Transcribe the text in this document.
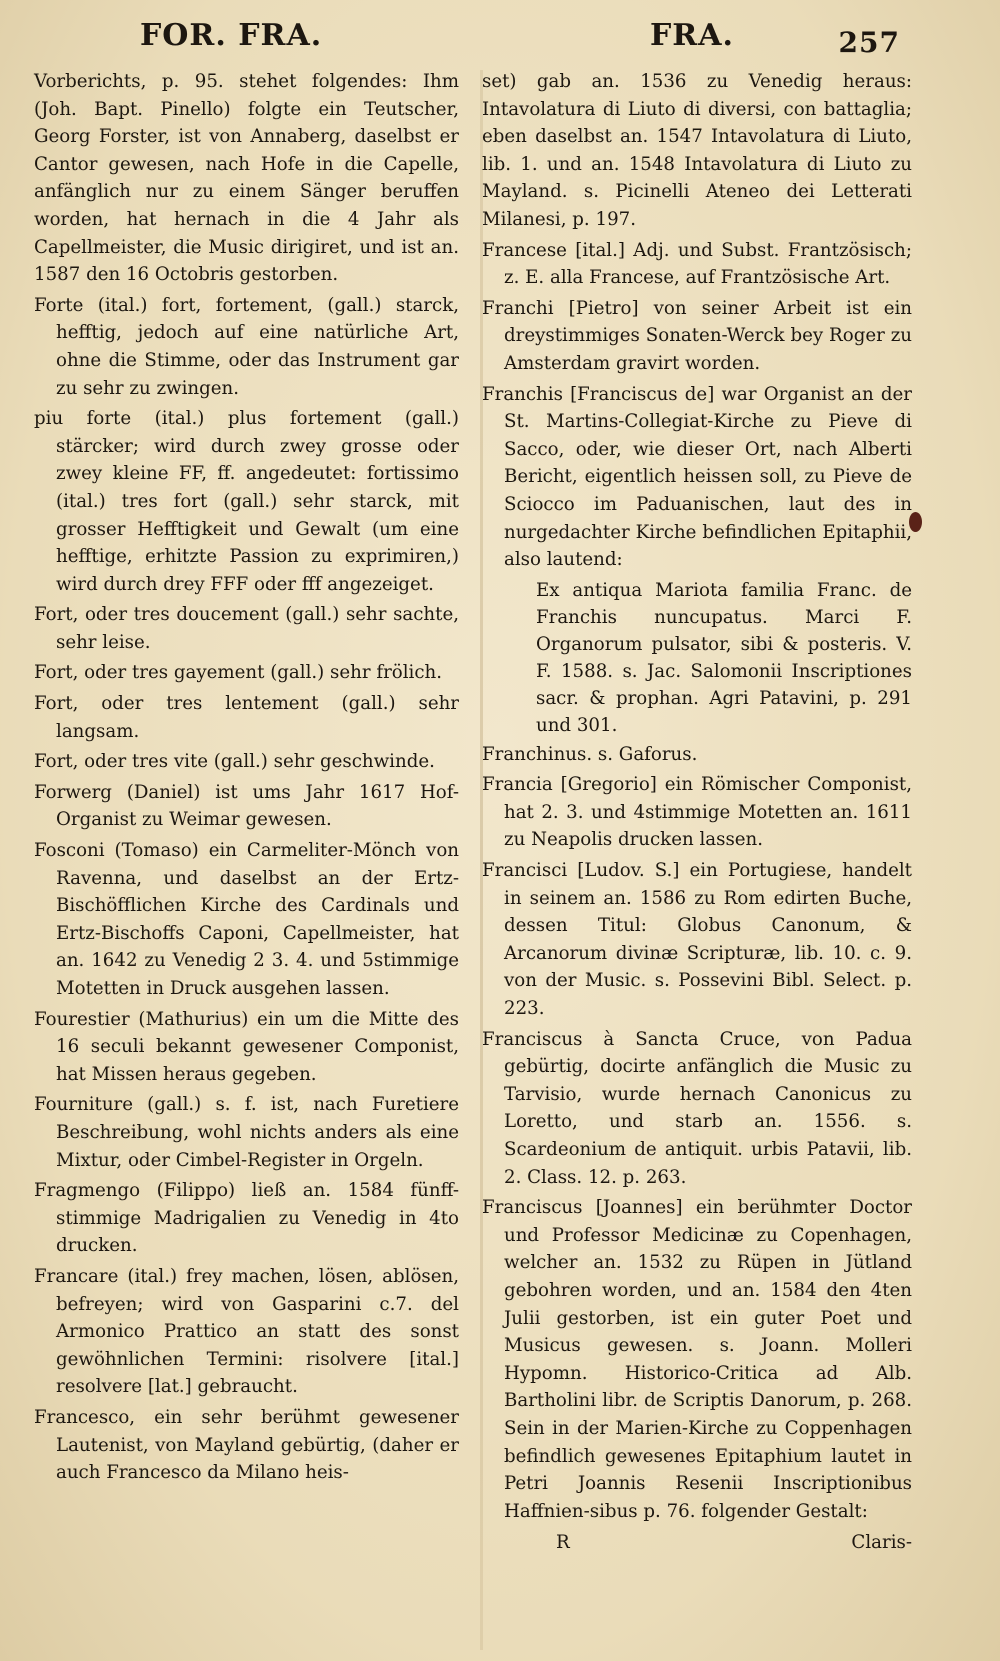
FOR. FRA.	FRA.	257

Vorberichts, p. 95. stehet folgendes: Ihm (Joh. Bapt. Pinello) folgte ein Teutscher, Georg Forster, ist von Annaberg, daselbst er Cantor gewesen, nach Hofe in die Capelle, anfänglich nur zu einem Sänger beruffen worden, hat hernach in die 4 Jahr als Capellmeister, die Music dirigiret, und ist an. 1587 den 16 Octobris gestorben.

Forte (ital.) fort, fortement, (gall.) starck, hefftig, jedoch auf eine natürliche Art, ohne die Stimme, oder das Instrument gar zu sehr zu zwingen.

piu forte (ital.) plus fortement (gall.) stärcker; wird durch zwey grosse oder zwey kleine FF, ff. angedeutet: fortissimo (ital.) tres fort (gall.) sehr starck, mit grosser Hefftigkeit und Gewalt (um eine hefftige, erhitzte Passion zu exprimiren,) wird durch drey FFF oder fff angezeiget.

Fort, oder tres doucement (gall.) sehr sachte, sehr leise.

Fort, oder tres gayement (gall.) sehr frölich.

Fort, oder tres lentement (gall.) sehr langsam.

Fort, oder tres vite (gall.) sehr geschwinde.

Forwerg (Daniel) ist ums Jahr 1617 Hof-Organist zu Weimar gewesen.

Fosconi (Tomaso) ein Carmeliter-Mönch von Ravenna, und daselbst an der Ertz-Bischöfflichen Kirche des Cardinals und Ertz-Bischoffs Caponi, Capellmeister, hat an. 1642 zu Venedig 2 3. 4. und 5stimmige Motetten in Druck ausgehen lassen.

Fourestier (Mathurius) ein um die Mitte des 16 seculi bekannt gewesener Componist, hat Missen heraus gegeben.

Fourniture (gall.) s. f. ist, nach Furetiere Beschreibung, wohl nichts anders als eine Mixtur, oder Cimbel-Register in Orgeln.

Fragmengo (Filippo) ließ an. 1584 fünff-stimmige Madrigalien zu Venedig in 4to drucken.

Francare (ital.) frey machen, lösen, ablösen, befreyen; wird von Gasparini c.7. del Armonico Prattico an statt des sonst gewöhnlichen Termini: risolvere [ital.] resolvere [lat.] gebraucht.

Francesco, ein sehr berühmt gewesener Lautenist, von Mayland gebürtig, (daher er auch Francesco da Milano heis-

set) gab an. 1536 zu Venedig heraus: Intavolatura di Liuto di diversi, con battaglia; eben daselbst an. 1547 Intavolatura di Liuto, lib. 1. und an. 1548 Intavolatura di Liuto zu Mayland. s. Picinelli Ateneo dei Letterati Milanesi, p. 197.

Francese [ital.] Adj. und Subst. Frantzösisch; z. E. alla Francese, auf Frantzösische Art.

Franchi [Pietro] von seiner Arbeit ist ein dreystimmiges Sonaten-Werck bey Roger zu Amsterdam gravirt worden.

Franchis [Franciscus de] war Organist an der St. Martins-Collegiat-Kirche zu Pieve di Sacco, oder, wie dieser Ort, nach Alberti Bericht, eigentlich heissen soll, zu Pieve de Sciocco im Paduanischen, laut des in nurgedachter Kirche befindlichen Epitaphii, also lautend:

Ex antiqua Mariota familia Franc. de Franchis nuncupatus. Marci F. Organorum pulsator, sibi & posteris. V. F. 1588. s. Jac. Salomonii Inscriptiones sacr. & prophan. Agri Patavini, p. 291 und 301.

Franchinus. s. Gaforus.

Francia [Gregorio] ein Römischer Componist, hat 2. 3. und 4stimmige Motetten an. 1611 zu Neapolis drucken lassen.

Francisci [Ludov. S.] ein Portugiese, handelt in seinem an. 1586 zu Rom edirten Buche, dessen Titul: Globus Canonum, & Arcanorum divinæ Scripturæ, lib. 10. c. 9. von der Music. s. Possevini Bibl. Select. p. 223.

Franciscus à Sancta Cruce, von Padua gebürtig, docirte anfänglich die Music zu Tarvisio, wurde hernach Canonicus zu Loretto, und starb an. 1556. s. Scardeonium de antiquit. urbis Patavii, lib. 2. Class. 12. p. 263.

Franciscus [Joannes] ein berühmter Doctor und Professor Medicinæ zu Copenhagen, welcher an. 1532 zu Rüpen in Jütland gebohren worden, und an. 1584 den 4ten Julii gestorben, ist ein guter Poet und Musicus gewesen. s. Joann. Molleri Hypomn. Historico-Critica ad Alb. Bartholini libr. de Scriptis Danorum, p. 268. Sein in der Marien-Kirche zu Coppenhagen befindlich gewesenes Epitaphium lautet in Petri Joannis Resenii Inscriptionibus Haffnien-sibus p. 76. folgender Gestalt:

R	Claris-
